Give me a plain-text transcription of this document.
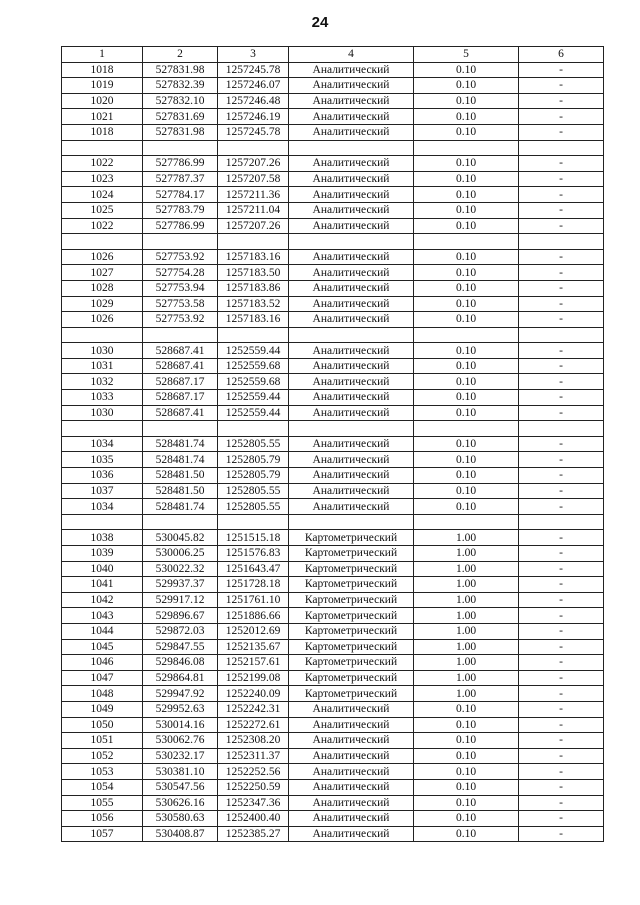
24
1	2	3	4	5	6
1018	527831.98	1257245.78	Аналитический	0.10	-
1019	527832.39	1257246.07	Аналитический	0.10	-
1020	527832.10	1257246.48	Аналитический	0.10	-
1021	527831.69	1257246.19	Аналитический	0.10	-
1018	527831.98	1257245.78	Аналитический	0.10	-

1022	527786.99	1257207.26	Аналитический	0.10	-
1023	527787.37	1257207.58	Аналитический	0.10	-
1024	527784.17	1257211.36	Аналитический	0.10	-
1025	527783.79	1257211.04	Аналитический	0.10	-
1022	527786.99	1257207.26	Аналитический	0.10	-

1026	527753.92	1257183.16	Аналитический	0.10	-
1027	527754.28	1257183.50	Аналитический	0.10	-
1028	527753.94	1257183.86	Аналитический	0.10	-
1029	527753.58	1257183.52	Аналитический	0.10	-
1026	527753.92	1257183.16	Аналитический	0.10	-

1030	528687.41	1252559.44	Аналитический	0.10	-
1031	528687.41	1252559.68	Аналитический	0.10	-
1032	528687.17	1252559.68	Аналитический	0.10	-
1033	528687.17	1252559.44	Аналитический	0.10	-
1030	528687.41	1252559.44	Аналитический	0.10	-

1034	528481.74	1252805.55	Аналитический	0.10	-
1035	528481.74	1252805.79	Аналитический	0.10	-
1036	528481.50	1252805.79	Аналитический	0.10	-
1037	528481.50	1252805.55	Аналитический	0.10	-
1034	528481.74	1252805.55	Аналитический	0.10	-

1038	530045.82	1251515.18	Картометрический	1.00	-
1039	530006.25	1251576.83	Картометрический	1.00	-
1040	530022.32	1251643.47	Картометрический	1.00	-
1041	529937.37	1251728.18	Картометрический	1.00	-
1042	529917.12	1251761.10	Картометрический	1.00	-
1043	529896.67	1251886.66	Картометрический	1.00	-
1044	529872.03	1252012.69	Картометрический	1.00	-
1045	529847.55	1252135.67	Картометрический	1.00	-
1046	529846.08	1252157.61	Картометрический	1.00	-
1047	529864.81	1252199.08	Картометрический	1.00	-
1048	529947.92	1252240.09	Картометрический	1.00	-
1049	529952.63	1252242.31	Аналитический	0.10	-
1050	530014.16	1252272.61	Аналитический	0.10	-
1051	530062.76	1252308.20	Аналитический	0.10	-
1052	530232.17	1252311.37	Аналитический	0.10	-
1053	530381.10	1252252.56	Аналитический	0.10	-
1054	530547.56	1252250.59	Аналитический	0.10	-
1055	530626.16	1252347.36	Аналитический	0.10	-
1056	530580.63	1252400.40	Аналитический	0.10	-
1057	530408.87	1252385.27	Аналитический	0.10	-
